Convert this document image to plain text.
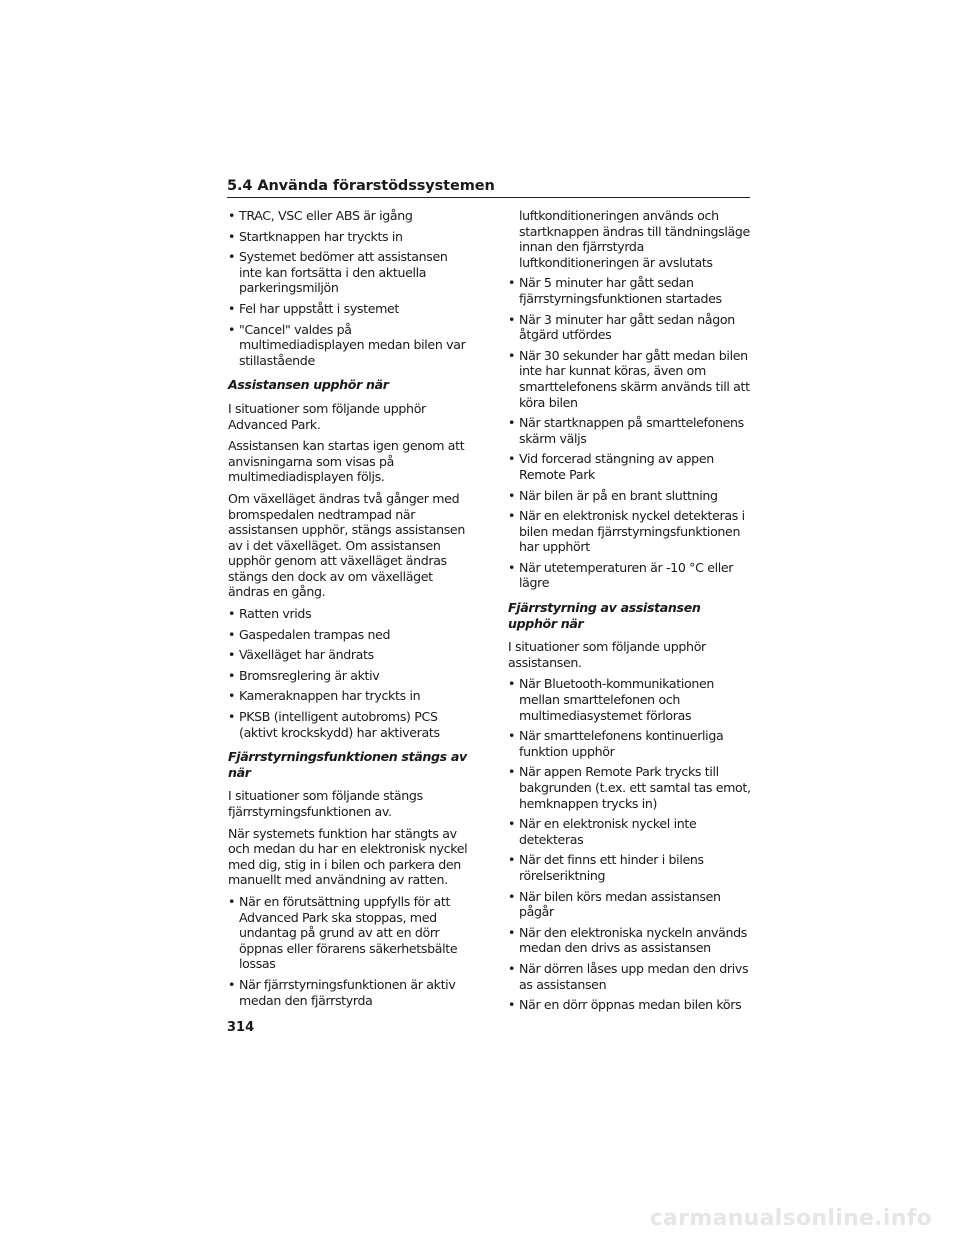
5.4 Använda förarstödssystemen
• TRAC, VSC eller ABS är igång
• Startknappen har tryckts in
• Systemet bedömer att assistansen inte kan fortsätta i den aktuella parkeringsmiljön
• Fel har uppstått i systemet
• "Cancel" valdes på multimediadisplayen medan bilen var stillastående
Assistansen upphör när

I situationer som följande upphör Advanced Park.

Assistansen kan startas igen genom att anvisningarna som visas på multimediadisplayen följs.

Om växelläget ändras två gånger med bromspedalen nedtrampad när assistansen upphör, stängs assistansen av i det växelläget. Om assistansen upphör genom att växelläget ändras stängs den dock av om växelläget ändras en gång.

• Ratten vrids
• Gaspedalen trampas ned
• Växelläget har ändrats
• Bromsreglering är aktiv
• Kameraknappen har tryckts in
• PKSB (intelligent autobroms) PCS (aktivt krockskydd) har aktiverats
Fjärrstyrningsfunktionen stängs av när

I situationer som följande stängs fjärrstyrningsfunktionen av.

När systemets funktion har stängts av och medan du har en elektronisk nyckel med dig, stig in i bilen och parkera den manuellt med användning av ratten.

• När en förutsättning uppfylls för att Advanced Park ska stoppas, med undantag på grund av att en dörr öppnas eller förarens säkerhetsbälte lossas
• När fjärrstyrningsfunktionen är aktiv medan den fjärrstyrda
luftkonditioneringen används och startknappen ändras till tändningsläge innan den fjärrstyrda luftkonditioneringen är avslutats
• När 5 minuter har gått sedan fjärrstyrningsfunktionen startades
• När 3 minuter har gått sedan någon åtgärd utfördes
• När 30 sekunder har gått medan bilen inte har kunnat köras, även om smarttelefonens skärm används till att köra bilen
• När startknappen på smarttelefonens skärm väljs
• Vid forcerad stängning av appen Remote Park
• När bilen är på en brant sluttning
• När en elektronisk nyckel detekteras i bilen medan fjärrstyrningsfunktionen har upphört
• När utetemperaturen är -10 °C eller lägre
Fjärrstyrning av assistansen upphör när

I situationer som följande upphör assistansen.

• När Bluetooth-kommunikationen mellan smarttelefonen och multimediasystemet förloras
• När smarttelefonens kontinuerliga funktion upphör
• När appen Remote Park trycks till bakgrunden (t.ex. ett samtal tas emot, hemknappen trycks in)
• När en elektronisk nyckel inte detekteras
• När det finns ett hinder i bilens rörelseriktning
• När bilen körs medan assistansen pågår
• När den elektroniska nyckeln används medan den drivs as assistansen
• När dörren låses upp medan den drivs as assistansen
• När en dörr öppnas medan bilen körs
314
carmanualsonline.info
